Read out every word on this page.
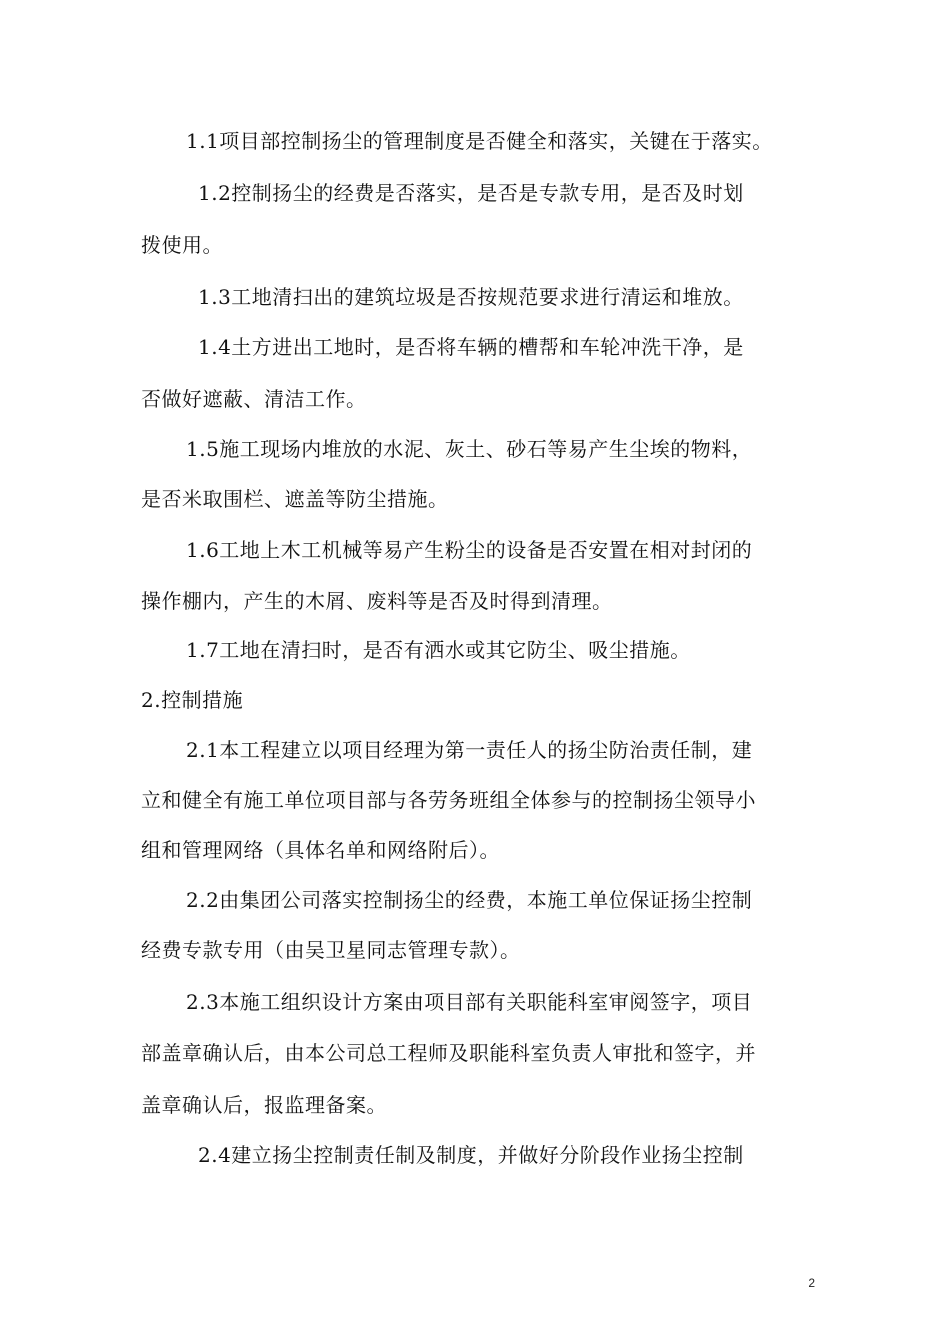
1.1项目部控制扬尘的管理制度是否健全和落实，关键在于落实。
1.2控制扬尘的经费是否落实，是否是专款专用，是否及时划
拨使用。
1.3工地清扫出的建筑垃圾是否按规范要求进行清运和堆放。
1.4土方进出工地时，是否将车辆的槽帮和车轮冲洗干净，是
否做好遮蔽、清洁工作。
1.5施工现场内堆放的水泥、灰土、砂石等易产生尘埃的物料，
是否米取围栏、遮盖等防尘措施。
1.6工地上木工机械等易产生粉尘的设备是否安置在相对封闭的
操作棚内，产生的木屑、废料等是否及时得到清理。
1.7工地在清扫时，是否有洒水或其它防尘、吸尘措施。
2.控制措施
2.1本工程建立以项目经理为第一责任人的扬尘防治责任制，建
立和健全有施工单位项目部与各劳务班组全体参与的控制扬尘领导小
组和管理网络（具体名单和网络附后）。
2.2由集团公司落实控制扬尘的经费，本施工单位保证扬尘控制
经费专款专用（由吴卫星同志管理专款）。
2.3本施工组织设计方案由项目部有关职能科室审阅签字，项目
部盖章确认后，由本公司总工程师及职能科室负责人审批和签字，并
盖章确认后，报监理备案。
2.4建立扬尘控制责任制及制度，并做好分阶段作业扬尘控制
2
